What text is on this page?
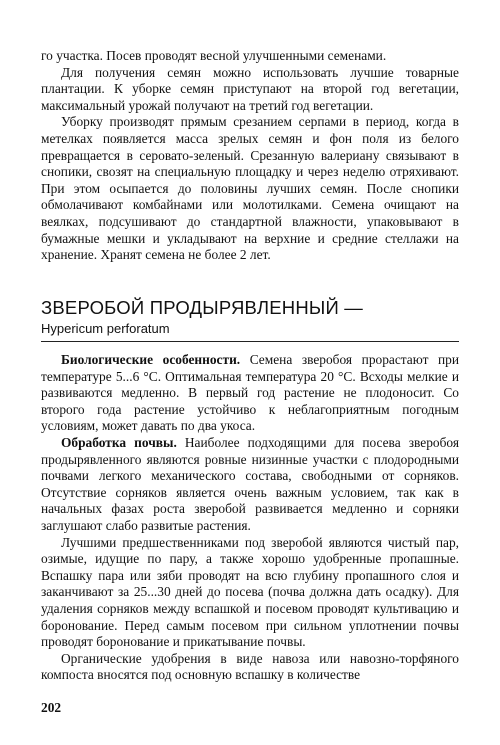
го участка. Посев проводят весной улучшенными семенами.

Для получения семян можно использовать лучшие товарные плантации. К уборке семян приступают на второй год вегетации, максимальный урожай получают на третий год вегетации.

Уборку производят прямым срезанием серпами в период, когда в метелках появляется масса зрелых семян и фон поля из белого превращается в серовато-зеленый. Срезанную валериану связывают в снопики, свозят на специальную площадку и через неделю отряхивают. При этом осыпается до половины лучших семян. После снопики обмолачивают комбайнами или молотилками. Семена очищают на веялках, подсушивают до стандартной влажности, упаковывают в бумажные мешки и укладывают на верхние и средние стеллажи на хранение. Хранят семена не более 2 лет.

ЗВЕРОБОЙ ПРОДЫРЯВЛЕННЫЙ —

Hypericum perforatum

Биологические особенности. Семена зверобоя прорастают при температуре 5...6 °С. Оптимальная температура 20 °С. Всходы мелкие и развиваются медленно. В первый год растение не плодоносит. Со второго года растение устойчиво к неблагоприятным погодным условиям, может давать по два укоса.

Обработка почвы. Наиболее подходящими для посева зверобоя продырявленного являются ровные низинные участки с плодородными почвами легкого механического состава, свободными от сорняков. Отсутствие сорняков является очень важным условием, так как в начальных фазах роста зверобой развивается медленно и сорняки заглушают слабо развитые растения.

Лучшими предшественниками под зверобой являются чистый пар, озимые, идущие по пару, а также хорошо удобренные пропашные. Вспашку пара или зяби проводят на всю глубину пропашного слоя и заканчивают за 25...30 дней до посева (почва должна дать осадку). Для удаления сорняков между вспашкой и посевом проводят культивацию и боронование. Перед самым посевом при сильном уплотнении почвы проводят боронование и прикатывание почвы.

Органические удобрения в виде навоза или навозно-торфяного компоста вносятся под основную вспашку в количестве

202
